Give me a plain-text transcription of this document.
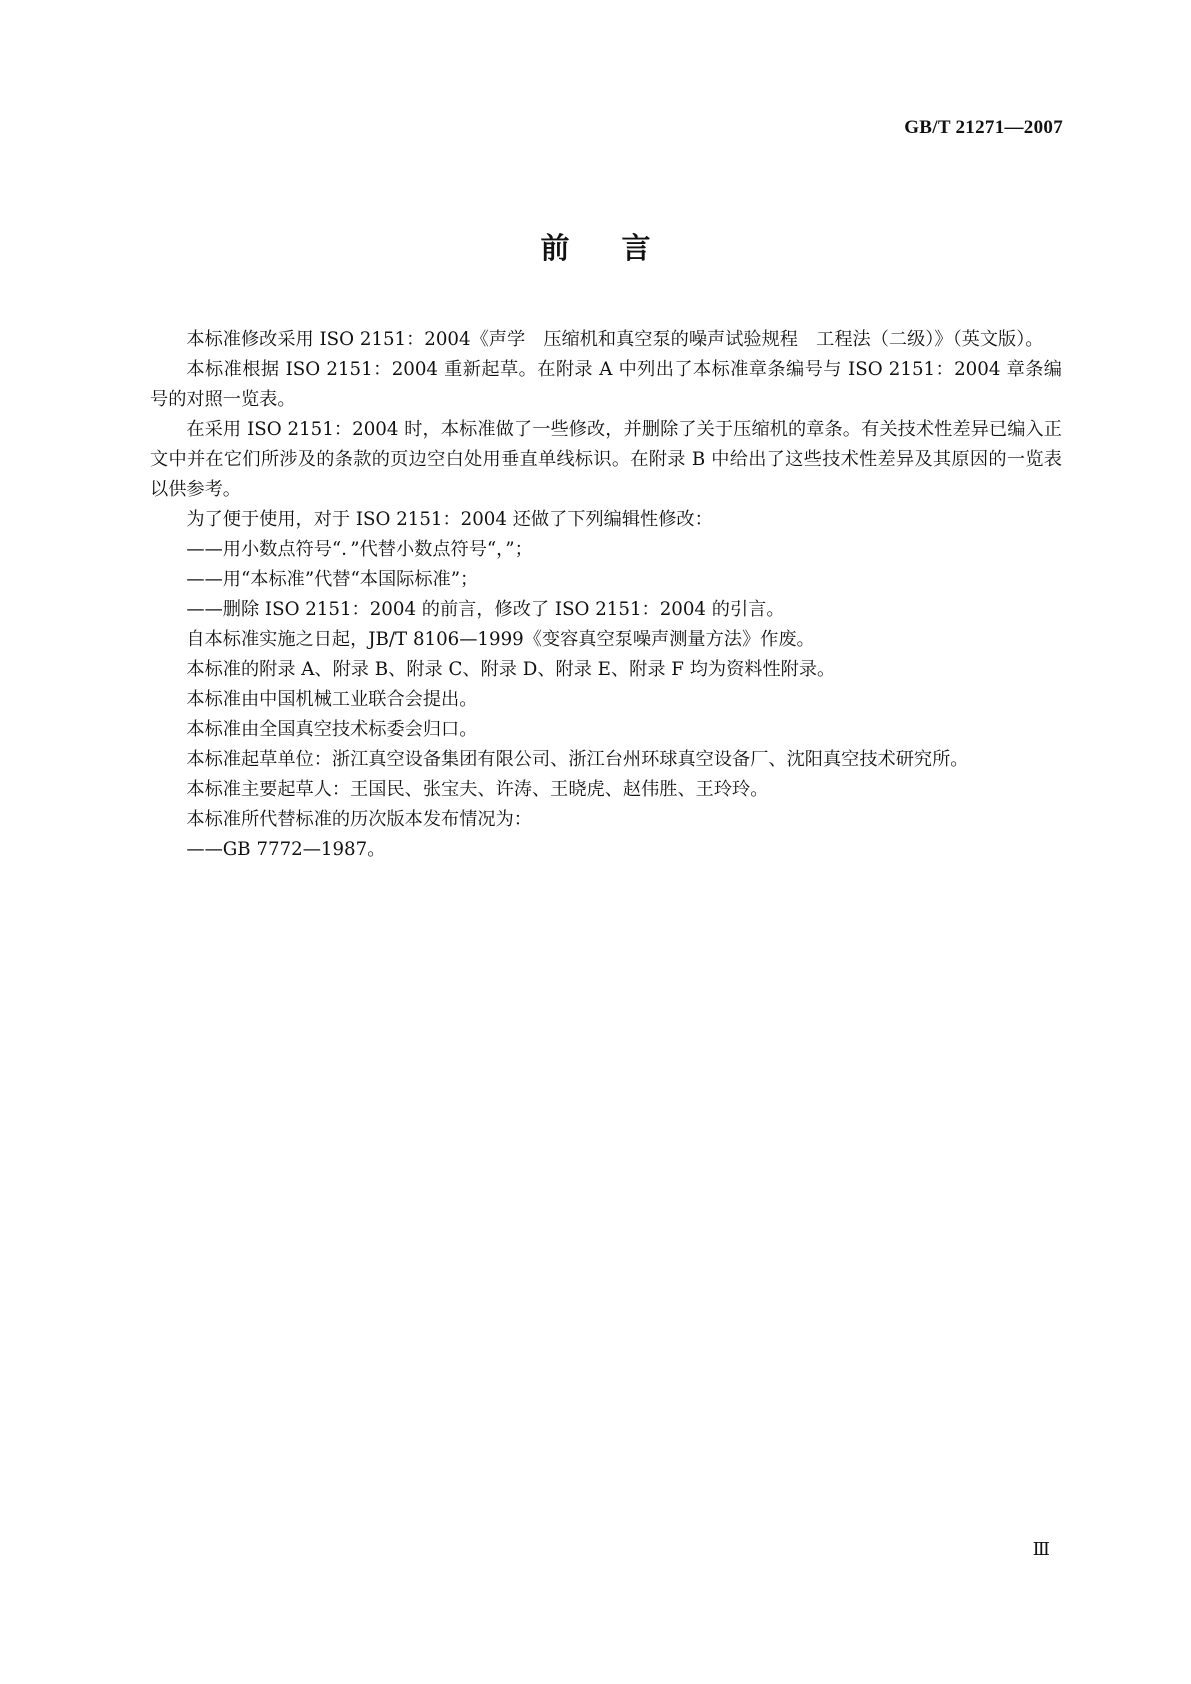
GB/T 21271—2007
前言

本标准修改采用 ISO 2151：2004《声学　压缩机和真空泵的噪声试验规程　工程法（二级）》（英文版）。

本标准根据 ISO 2151：2004 重新起草。在附录 A 中列出了本标准章条编号与 ISO 2151：2004 章条编号的对照一览表。

在采用 ISO 2151：2004 时，本标准做了一些修改，并删除了关于压缩机的章条。有关技术性差异已编入正文中并在它们所涉及的条款的页边空白处用垂直单线标识。在附录 B 中给出了这些技术性差异及其原因的一览表以供参考。

为了便于使用，对于 ISO 2151：2004 还做了下列编辑性修改：

——用小数点符号“．”代替小数点符号“，”；

——用“本标准”代替“本国际标准”；

——删除 ISO 2151：2004 的前言，修改了 ISO 2151：2004 的引言。

自本标准实施之日起，JB/T 8106—1999《变容真空泵噪声测量方法》作废。

本标准的附录 A、附录 B、附录 C、附录 D、附录 E、附录 F 均为资料性附录。

本标准由中国机械工业联合会提出。

本标准由全国真空技术标委会归口。

本标准起草单位：浙江真空设备集团有限公司、浙江台州环球真空设备厂、沈阳真空技术研究所。

本标准主要起草人：王国民、张宝夫、许涛、王晓虎、赵伟胜、王玲玲。

本标准所代替标准的历次版本发布情况为：

——GB 7772—1987。

Ⅲ
